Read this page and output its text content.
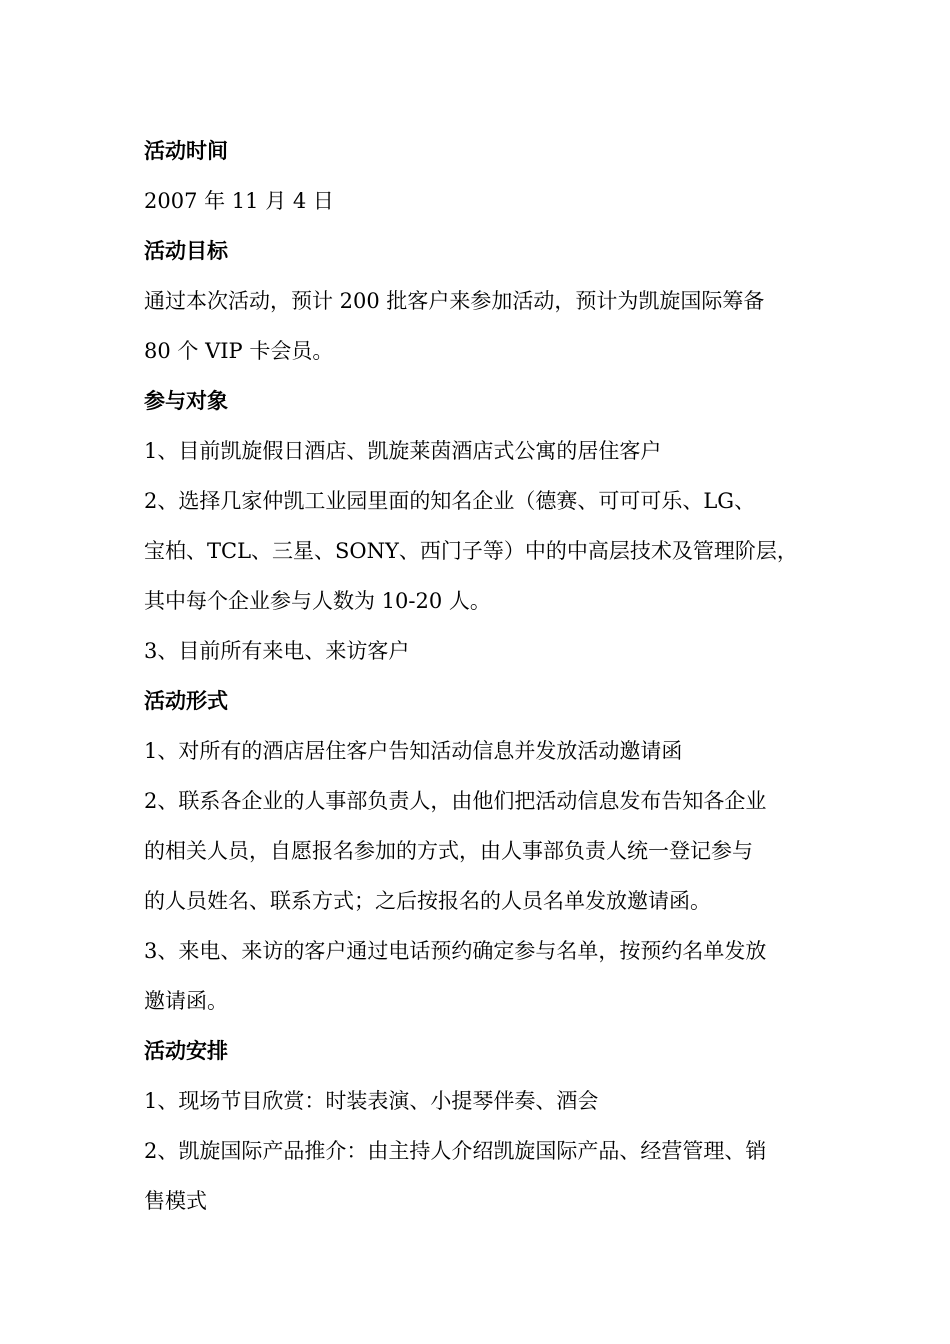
活动时间

2007 年 11 月 4 日

活动目标

通过本次活动，预计 200 批客户来参加活动，预计为凯旋国际筹备

80 个 VIP 卡会员。

参与对象

1、目前凯旋假日酒店、凯旋莱茵酒店式公寓的居住客户

2、选择几家仲凯工业园里面的知名企业（德赛、可可可乐、LG、

宝柏、TCL、三星、SONY、西门子等）中的中高层技术及管理阶层，

其中每个企业参与人数为 10-20 人。

3、目前所有来电、来访客户

活动形式

1、对所有的酒店居住客户告知活动信息并发放活动邀请函

2、联系各企业的人事部负责人，由他们把活动信息发布告知各企业

的相关人员，自愿报名参加的方式，由人事部负责人统一登记参与

的人员姓名、联系方式；之后按报名的人员名单发放邀请函。

3、来电、来访的客户通过电话预约确定参与名单，按预约名单发放

邀请函。

活动安排

1、现场节目欣赏：时装表演、小提琴伴奏、酒会

2、凯旋国际产品推介：由主持人介绍凯旋国际产品、经营管理、销

售模式
